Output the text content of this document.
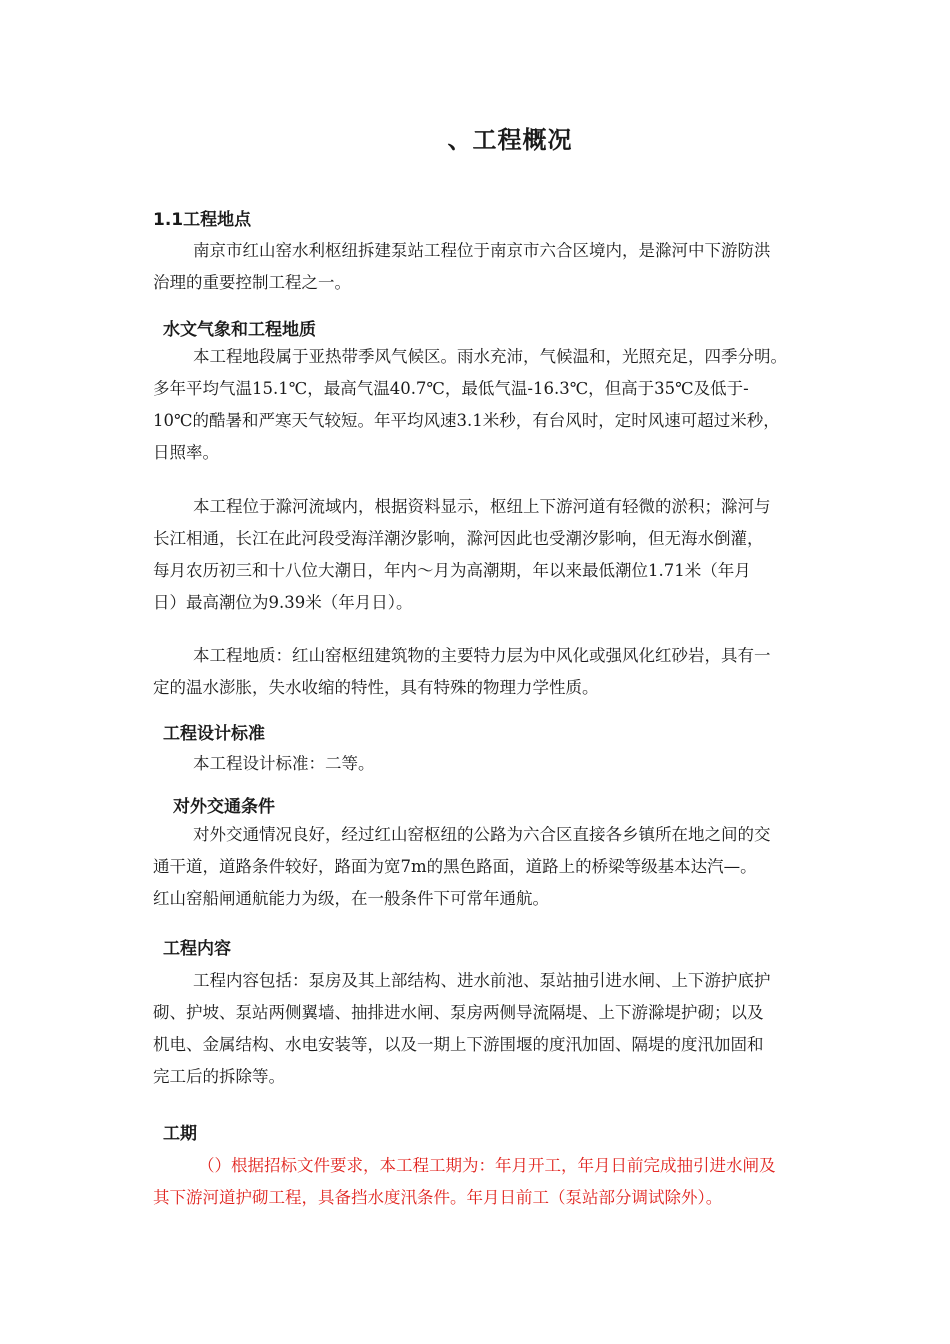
、工程概况
1.1工程地点
南京市红山窑水利枢纽拆建泵站工程位于南京市六合区境内，是滁河中下游防洪
治理的重要控制工程之一。
水文气象和工程地质
本工程地段属于亚热带季风气候区。雨水充沛，气候温和，光照充足，四季分明。
多年平均气温15.1℃，最高气温40.7℃，最低气温-16.3℃，但高于35℃及低于-
10℃的酷暑和严寒天气较短。年平均风速3.1米秒，有台风时，定时风速可超过米秒，
日照率。
本工程位于滁河流域内，根据资料显示，枢纽上下游河道有轻微的淤积；滁河与
长江相通，长江在此河段受海洋潮汐影响，滁河因此也受潮汐影响，但无海水倒灌，
每月农历初三和十八位大潮日，年内～月为高潮期，年以来最低潮位1.71米（年月
日）最高潮位为9.39米（年月日）。
本工程地质：红山窑枢纽建筑物的主要特力层为中风化或强风化红砂岩，具有一
定的温水澎胀，失水收缩的特性，具有特殊的物理力学性质。
工程设计标准
本工程设计标准：二等。
对外交通条件
对外交通情况良好，经过红山窑枢纽的公路为六合区直接各乡镇所在地之间的交
通干道，道路条件较好，路面为宽7m的黑色路面，道路上的桥梁等级基本达汽—。
红山窑船闸通航能力为级，在一般条件下可常年通航。
工程内容
工程内容包括：泵房及其上部结构、进水前池、泵站抽引进水闸、上下游护底护
砌、护坡、泵站两侧翼墙、抽排进水闸、泵房两侧导流隔堤、上下游滁堤护砌；以及
机电、金属结构、水电安装等，以及一期上下游围堰的度汛加固、隔堤的度汛加固和
完工后的拆除等。
工期
（）根据招标文件要求，本工程工期为：年月开工，年月日前完成抽引进水闸及
其下游河道护砌工程，具备挡水度汛条件。年月日前工（泵站部分调试除外）。
